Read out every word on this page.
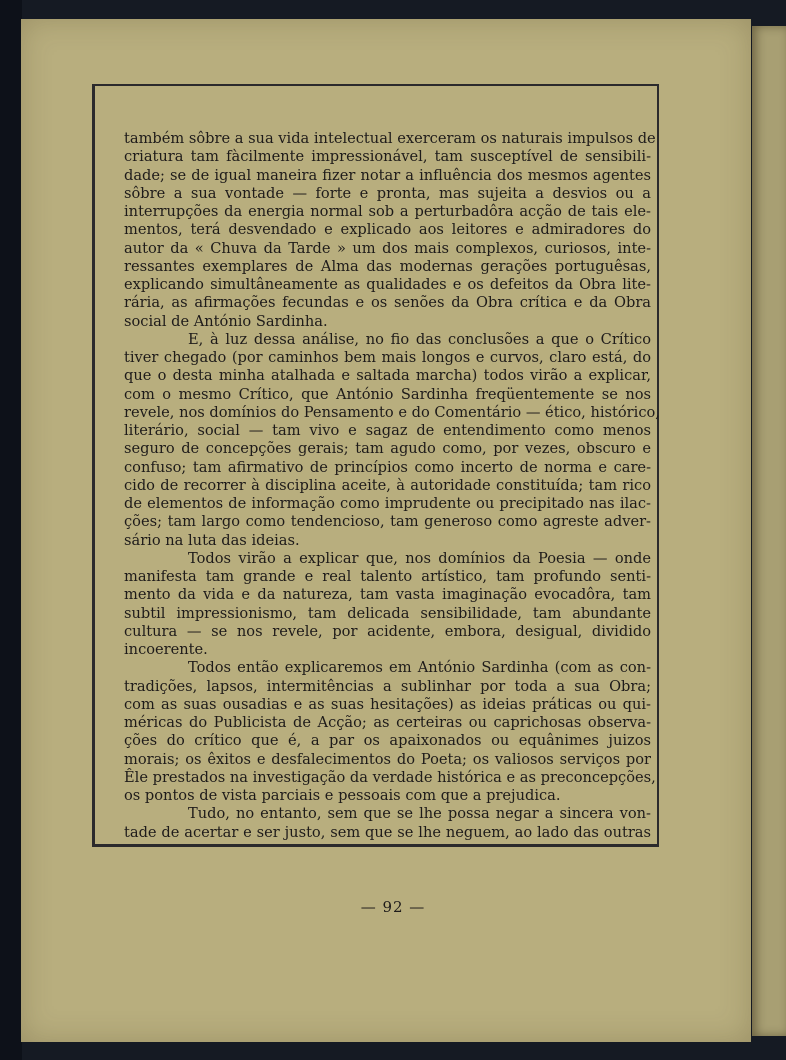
também sôbre a sua vida intelectual exerceram os naturais impulsos de

criatura tam fàcilmente impressionável, tam susceptível de sensibili-

dade; se de igual maneira fizer notar a influência dos mesmos agentes

sôbre a sua vontade — forte e pronta, mas sujeita a desvios ou a

interrupções da energia normal sob a perturbadôra acção de tais ele-

mentos, terá desvendado e explicado aos leitores e admiradores do

autor da « Chuva da Tarde » um dos mais complexos, curiosos, inte-

ressantes exemplares de Alma das modernas gerações portuguêsas,

explicando simultâneamente as qualidades e os defeitos da Obra lite-

rária, as afirmações fecundas e os senões da Obra crítica e da Obra

social de António Sardinha.

E, à luz dessa análise, no fio das conclusões a que o Crítico

tiver chegado (por caminhos bem mais longos e curvos, claro está, do

que o desta minha atalhada e saltada marcha) todos virão a explicar,

com o mesmo Crítico, que António Sardinha freqüentemente se nos

revele, nos domínios do Pensamento e do Comentário — ético, histórico,

literário, social — tam vivo e sagaz de entendimento como menos

seguro de concepções gerais; tam agudo como, por vezes, obscuro e

confuso; tam afirmativo de princípios como incerto de norma e care-

cido de recorrer à disciplina aceite, à autoridade constituída; tam rico

de elementos de informação como imprudente ou precipitado nas ilac-

ções; tam largo como tendencioso, tam generoso como agreste adver-

sário na luta das ideias.

Todos virão a explicar que, nos domínios da Poesia — onde

manifesta tam grande e real talento artístico, tam profundo senti-

mento da vida e da natureza, tam vasta imaginação evocadôra, tam

subtil impressionismo, tam delicada sensibilidade, tam abundante

cultura — se nos revele, por acidente, embora, desigual, dividido

incoerente.

Todos então explicaremos em António Sardinha (com as con-

tradições, lapsos, intermitências a sublinhar por toda a sua Obra;

com as suas ousadias e as suas hesitações) as ideias práticas ou qui-

méricas do Publicista de Acção; as certeiras ou caprichosas observa-

ções do crítico que é, a par os apaixonados ou equânimes juizos

morais; os êxitos e desfalecimentos do Poeta; os valiosos serviços por

Êle prestados na investigação da verdade histórica e as preconcepções,

os pontos de vista parciais e pessoais com que a prejudica.

Tudo, no entanto, sem que se lhe possa negar a sincera von-

tade de acertar e ser justo, sem que se lhe neguem, ao lado das outras

— 92 —
